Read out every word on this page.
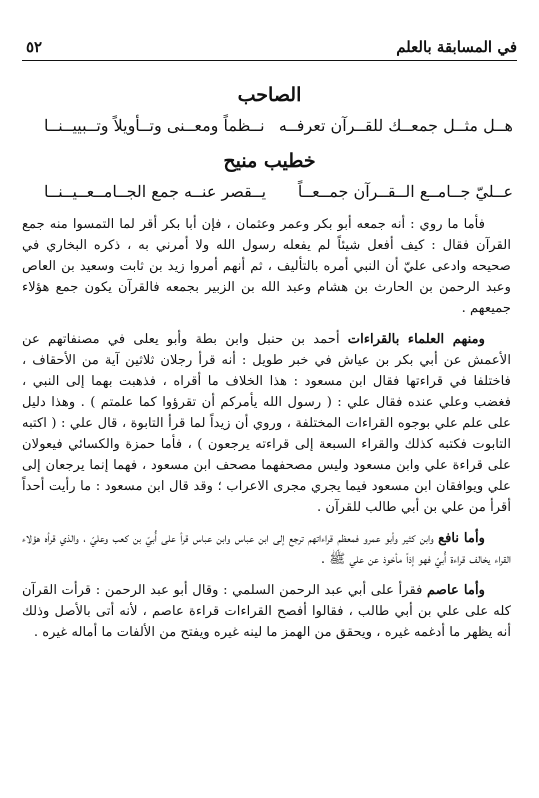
في المسابقة بالعلم
٥٢
الصاحب
هــل مثــل جمعــك للقــرآن تعرفــه
نــظماً ومعــنى وتــأويلاً وتــبييــنــا
خطيب منيح
عــليّ جــامــع الــقــرآن جمــعــاً
يــقصر عنــه جمع الجــامــعــيــنــا

فأما ما روي : أنه جمعه أبو بكر وعمر وعثمان ، فإن أبا بكر أقر لما التمسوا منه جمع القرآن فقال : كيف أفعل شيئاً لم يفعله رسول الله ولا أمرني به ، ذكره البخاري في صحيحه وادعى عليّ أن النبي أمره بالتأليف ، ثم أنهم أمروا زيد بن ثابت وسعيد بن العاص وعبد الرحمن بن الحارث بن هشام وعبد الله بن الزبير بجمعه فالقرآن يكون جمع هؤلاء جميعهم .

ومنهم العلماء بالقراءات أحمد بن حنبل وابن بطة وأبو يعلى في مصنفاتهم عن الأعمش عن أبي بكر بن عياش في خبر طويل : أنه قرأ رجلان ثلاثين آية من الأحقاف ، فاختلفا في قراءتها فقال ابن مسعود : هذا الخلاف ما أقراه ، فذهبت بهما إلى النبي ، فغضب وعلي عنده فقال علي : ( رسول الله يأمركم أن تقرؤوا كما علمتم ) . وهذا دليل على علم علي بوجوه القراءات المختلفة ، وروي أن زيداً لما قرأ التابوة ، قال علي : ( اكتبه التابوت فكتبه كذلك والقراء السبعة إلى قراءته يرجعون ) ، فأما حمزة والكسائي فيعولان على قراءة علي وابن مسعود وليس مصحفهما مصحف ابن مسعود ، فهما إنما يرجعان إلى علي ويوافقان ابن مسعود فيما يجري مجرى الاعراب ؛ وقد قال ابن مسعود : ما رأيت أحداً أقرأ من علي بن أبي طالب للقرآن .

وأما نافع وابن كثير وأبو عمرو فمعظم قراءاتهم ترجع إلى ابن عباس وابن عباس قرأ على أُبيّ بن كعب وعليّ ، والذي قرأه هؤلاء القراء يخالف قراءة أُبيّ فهو إذاً مأخوذ عن علي ﷺ .

وأما عاصم فقرأ على أبي عبد الرحمن السلمي : وقال أبو عبد الرحمن : قرأت القرآن كله على علي بن أبي طالب ، فقالوا أفصح القراءات قراءة عاصم ، لأنه أتى بالأصل وذلك أنه يظهر ما أدغمه غيره ، ويحقق من الهمز ما لينه غيره ويفتح من الألفات ما أماله غيره .
